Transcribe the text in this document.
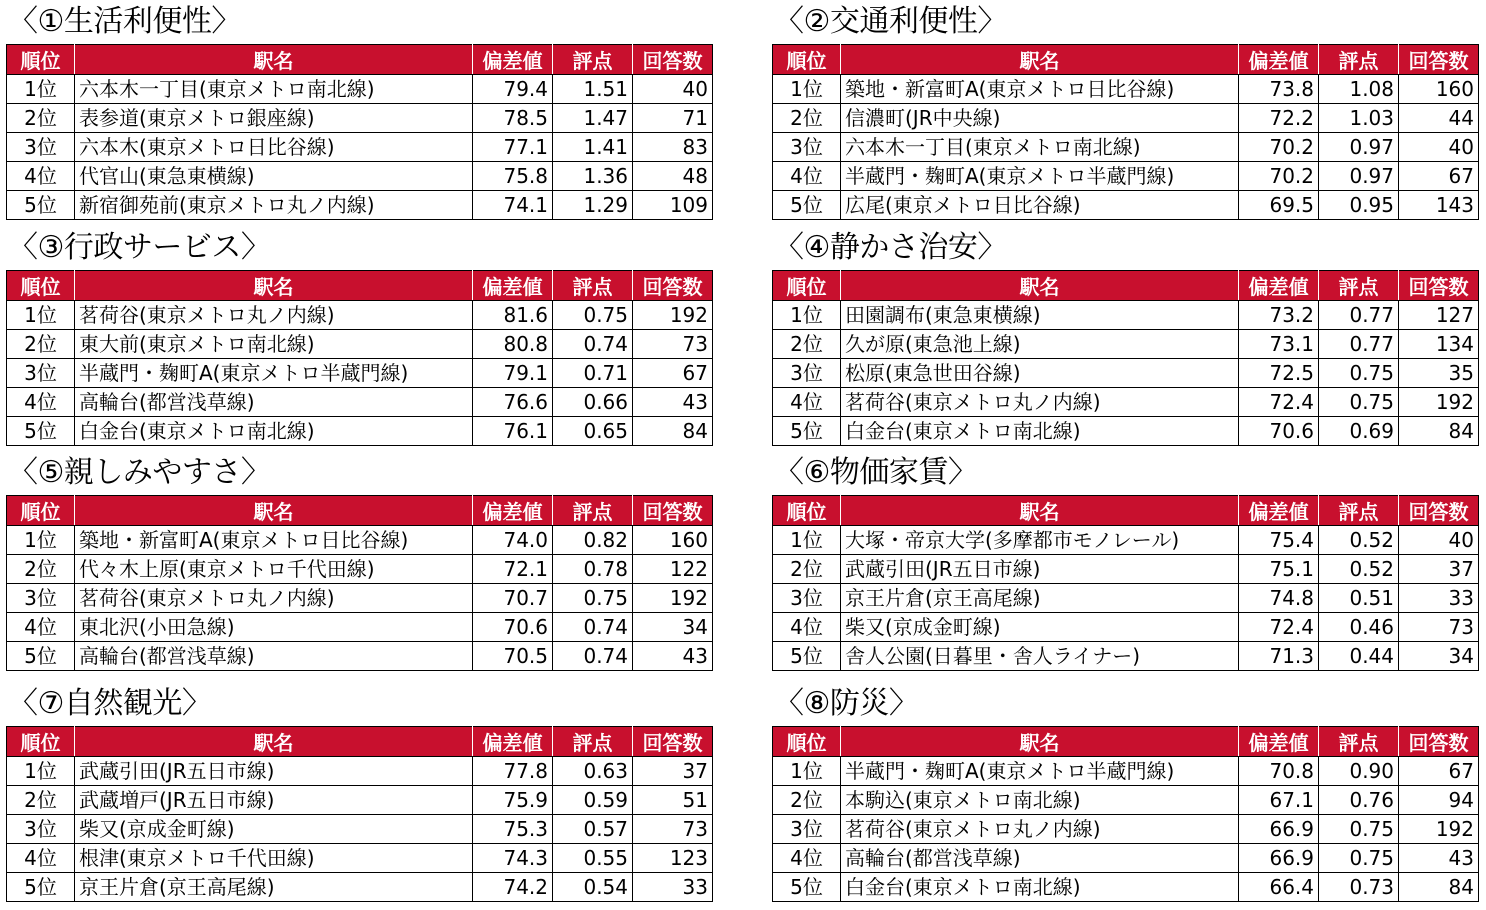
〈①生活利便性〉
順位	駅名	偏差値	評点	回答数
1位	六本木一丁目(東京メトロ南北線)	79.4	1.51	40
2位	表参道(東京メトロ銀座線)	78.5	1.47	71
3位	六本木(東京メトロ日比谷線)	77.1	1.41	83
4位	代官山(東急東横線)	75.8	1.36	48
5位	新宿御苑前(東京メトロ丸ノ内線)	74.1	1.29	109
〈②交通利便性〉
順位	駅名	偏差値	評点	回答数
1位	築地・新富町A(東京メトロ日比谷線)	73.8	1.08	160
2位	信濃町(JR中央線)	72.2	1.03	44
3位	六本木一丁目(東京メトロ南北線)	70.2	0.97	40
4位	半蔵門・麹町A(東京メトロ半蔵門線)	70.2	0.97	67
5位	広尾(東京メトロ日比谷線)	69.5	0.95	143
〈③行政サービス〉
順位	駅名	偏差値	評点	回答数
1位	茗荷谷(東京メトロ丸ノ内線)	81.6	0.75	192
2位	東大前(東京メトロ南北線)	80.8	0.74	73
3位	半蔵門・麹町A(東京メトロ半蔵門線)	79.1	0.71	67
4位	高輪台(都営浅草線)	76.6	0.66	43
5位	白金台(東京メトロ南北線)	76.1	0.65	84
〈④静かさ治安〉
順位	駅名	偏差値	評点	回答数
1位	田園調布(東急東横線)	73.2	0.77	127
2位	久が原(東急池上線)	73.1	0.77	134
3位	松原(東急世田谷線)	72.5	0.75	35
4位	茗荷谷(東京メトロ丸ノ内線)	72.4	0.75	192
5位	白金台(東京メトロ南北線)	70.6	0.69	84
〈⑤親しみやすさ〉
順位	駅名	偏差値	評点	回答数
1位	築地・新富町A(東京メトロ日比谷線)	74.0	0.82	160
2位	代々木上原(東京メトロ千代田線)	72.1	0.78	122
3位	茗荷谷(東京メトロ丸ノ内線)	70.7	0.75	192
4位	東北沢(小田急線)	70.6	0.74	34
5位	高輪台(都営浅草線)	70.5	0.74	43
〈⑥物価家賃〉
順位	駅名	偏差値	評点	回答数
1位	大塚・帝京大学(多摩都市モノレール)	75.4	0.52	40
2位	武蔵引田(JR五日市線)	75.1	0.52	37
3位	京王片倉(京王高尾線)	74.8	0.51	33
4位	柴又(京成金町線)	72.4	0.46	73
5位	舎人公園(日暮里・舎人ライナー)	71.3	0.44	34
〈⑦自然観光〉
順位	駅名	偏差値	評点	回答数
1位	武蔵引田(JR五日市線)	77.8	0.63	37
2位	武蔵増戸(JR五日市線)	75.9	0.59	51
3位	柴又(京成金町線)	75.3	0.57	73
4位	根津(東京メトロ千代田線)	74.3	0.55	123
5位	京王片倉(京王高尾線)	74.2	0.54	33
〈⑧防災〉
順位	駅名	偏差値	評点	回答数
1位	半蔵門・麹町A(東京メトロ半蔵門線)	70.8	0.90	67
2位	本駒込(東京メトロ南北線)	67.1	0.76	94
3位	茗荷谷(東京メトロ丸ノ内線)	66.9	0.75	192
4位	高輪台(都営浅草線)	66.9	0.75	43
5位	白金台(東京メトロ南北線)	66.4	0.73	84
